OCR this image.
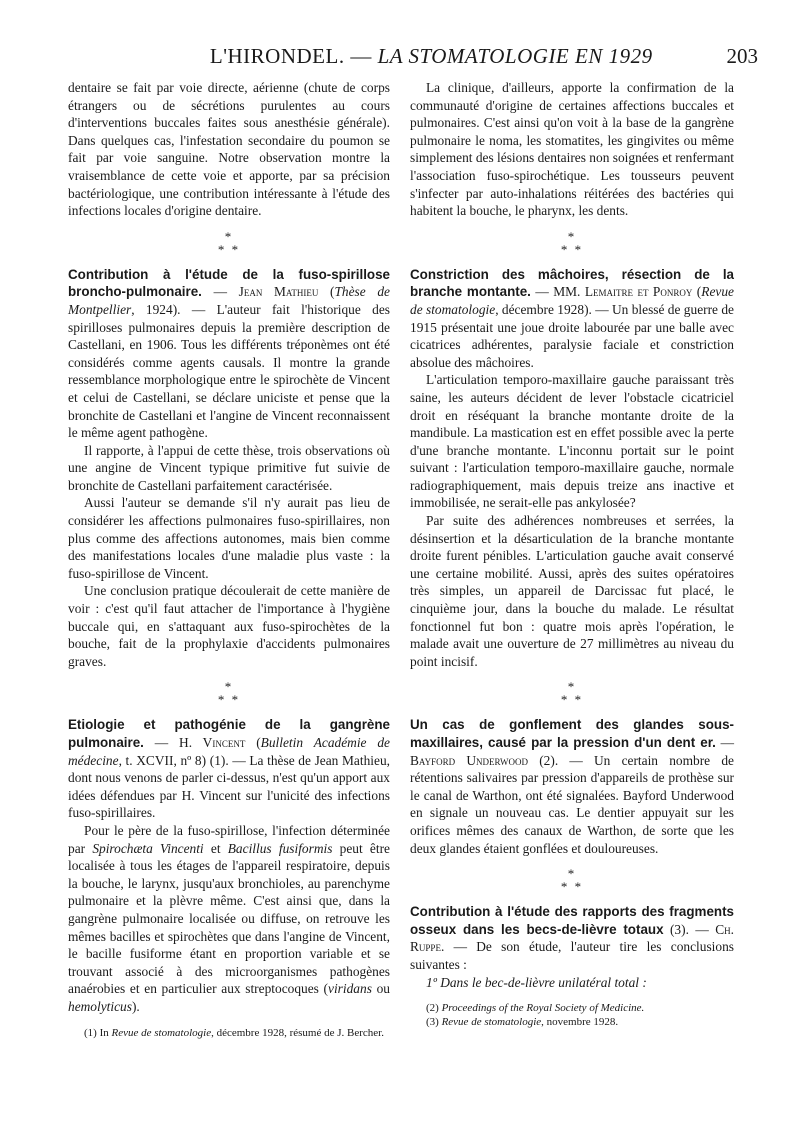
L'HIRONDEL. — LA STOMATOLOGIE EN 1929	203

dentaire se fait par voie directe, aérienne (chute de corps étrangers ou de sécrétions purulentes au cours d'interventions buccales faites sous anesthésie générale). Dans quelques cas, l'infestation secondaire du poumon se fait par voie sanguine. Notre observation montre la vraisemblance de cette voie et apporte, par sa précision bactériologique, une contribution intéressante à l'étude des infections locales d'origine dentaire.

*
* *

Contribution à l'étude de la fuso-spirillose broncho-pulmonaire. — Jean Mathieu (Thèse de Montpellier, 1924). — L'auteur fait l'historique des spirilloses pulmonaires depuis la première description de Castellani, en 1906. Tous les différents tréponèmes ont été considérés comme agents causals. Il montre la grande ressemblance morphologique entre le spirochète de Vincent et celui de Castellani, se déclare uniciste et pense que la bronchite de Castellani et l'angine de Vincent reconnaissent le même agent pathogène.

Il rapporte, à l'appui de cette thèse, trois observations où une angine de Vincent typique primitive fut suivie de bronchite de Castellani parfaitement caractérisée.

Aussi l'auteur se demande s'il n'y aurait pas lieu de considérer les affections pulmonaires fuso-spirillaires, non plus comme des affections autonomes, mais bien comme des manifestations locales d'une maladie plus vaste : la fuso-spirillose de Vincent.

Une conclusion pratique découlerait de cette manière de voir : c'est qu'il faut attacher de l'importance à l'hygiène buccale qui, en s'attaquant aux fuso-spirochètes de la bouche, fait de la prophylaxie d'accidents pulmonaires graves.

*
* *

Etiologie et pathogénie de la gangrène pulmonaire. — H. Vincent (Bulletin Académie de médecine, t. XCVII, nº 8) (1). — La thèse de Jean Mathieu, dont nous venons de parler ci-dessus, n'est qu'un apport aux idées défendues par H. Vincent sur l'unicité des infections fuso-spirillaires.

Pour le père de la fuso-spirillose, l'infection déterminée par Spirochæta Vincenti et Bacillus fusiformis peut être localisée à tous les étages de l'appareil respiratoire, depuis la bouche, le larynx, jusqu'aux bronchioles, au parenchyme pulmonaire et la plèvre même. C'est ainsi que, dans la gangrène pulmonaire localisée ou diffuse, on retrouve les mêmes bacilles et spirochètes que dans l'angine de Vincent, le bacille fusiforme étant en proportion variable et se trouvant associé à des microorganismes pathogènes anaérobies et en particulier aux streptocoques (viridans ou hemolyticus).

(1) In Revue de stomatologie, décembre 1928, résumé de J. Bercher.

La clinique, d'ailleurs, apporte la confirmation de la communauté d'origine de certaines affections buccales et pulmonaires. C'est ainsi qu'on voit à la base de la gangrène pulmonaire le noma, les stomatites, les gingivites ou même simplement des lésions dentaires non soignées et renfermant l'association fuso-spirochétique. Les tousseurs peuvent s'infecter par auto-inhalations réitérées des bactéries qui habitent la bouche, le pharynx, les dents.

*
* *

Constriction des mâchoires, résection de la branche montante. — MM. Lemaitre et Ponroy (Revue de stomatologie, décembre 1928). — Un blessé de guerre de 1915 présentait une joue droite labourée par une balle avec cicatrices adhérentes, paralysie faciale et constriction absolue des mâchoires.

L'articulation temporo-maxillaire gauche paraissant très saine, les auteurs décident de lever l'obstacle cicatriciel droit en réséquant la branche montante droite de la mandibule. La mastication est en effet possible avec la perte d'une branche montante. L'inconnu portait sur le point suivant : l'articulation temporo-maxillaire gauche, normale radiographiquement, mais depuis treize ans inactive et immobilisée, ne serait-elle pas ankylosée?

Par suite des adhérences nombreuses et serrées, la désinsertion et la désarticulation de la branche montante droite furent pénibles. L'articulation gauche avait conservé une certaine mobilité. Aussi, après des suites opératoires très simples, un appareil de Darcissac fut placé, le cinquième jour, dans la bouche du malade. Le résultat fonctionnel fut bon : quatre mois après l'opération, le malade avait une ouverture de 27 millimètres au niveau du point incisif.

*
* *

Un cas de gonflement des glandes sous-maxillaires, causé par la pression d'un dent er. — Bayford Underwood (2). — Un certain nombre de rétentions salivaires par pression d'appareils de prothèse sur le canal de Warthon, ont été signalées. Bayford Underwood en signale un nouveau cas. Le dentier appuyait sur les orifices mêmes des canaux de Warthon, de sorte que les deux glandes étaient gonflées et douloureuses.

*
* *

Contribution à l'étude des rapports des fragments osseux dans les becs-de-lièvre totaux (3). — Ch. Ruppe. — De son étude, l'auteur tire les conclusions suivantes :

1º Dans le bec-de-lièvre unilatéral total :

(2) Proceedings of the Royal Society of Medicine.

(3) Revue de stomatologie, novembre 1928.
